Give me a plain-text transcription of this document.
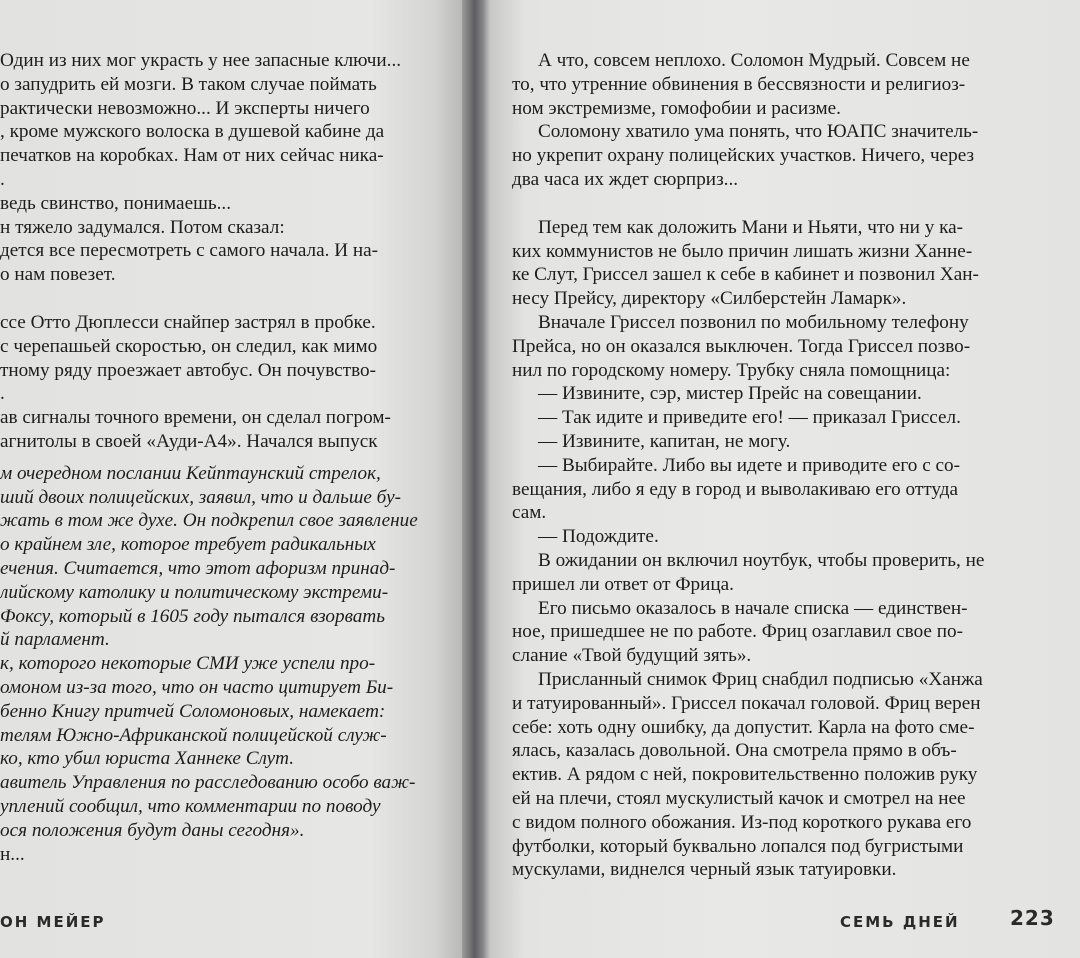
Один из них мог украсть у нее запасные ключи...
о запудрить ей мозги. В таком случае поймать
рактически невозможно... И эксперты ничего
, кроме мужского волоска в душевой кабине да
печатков на коробках. Нам от них сейчас ника-
.
ведь свинство, понимаешь...
н тяжело задумался. Потом сказал:
дется все пересмотреть с самого начала. И на-
о нам повезет.
ссе Отто Дюплесси снайпер застрял в пробке.
с черепашьей скоростью, он следил, как мимо
тному ряду проезжает автобус. Он почувство-
.
ав сигналы точного времени, он сделал погром-
агнитолы в своей «Ауди-А4». Начался выпуск
м очередном послании Кейптаунский стрелок,
ший двоих полицейских, заявил, что и дальше бу-
жать в том же духе. Он подкрепил свое заявление
о крайнем зле, которое требует радикальных
ечения. Считается, что этот афоризм принад-
лийскому католику и политическому экстреми-
Фоксу, который в 1605 году пытался взорвать
й парламент.
к, которого некоторые СМИ уже успели про-
омоном из-за того, что он часто цитирует Би-
бенно Книгу притчей Соломоновых, намекает:
телям Южно-Африканской полицейской служ-
ко, кто убил юриста Ханнеке Слут.
авитель Управления по расследованию особо важ-
уплений сообщил, что комментарии по поводу
ося положения будут даны сегодня».
н...
ОН МЕЙЕР
А что, совсем неплохо. Соломон Мудрый. Совсем не
то, что утренние обвинения в бессвязности и религиоз-
ном экстремизме, гомофобии и расизме.
Соломону хватило ума понять, что ЮАПС значитель-
но укрепит охрану полицейских участков. Ничего, через
два часа их ждет сюрприз...
Перед тем как доложить Мани и Ньяти, что ни у ка-
ких коммунистов не было причин лишать жизни Ханне-
ке Слут, Гриссел зашел к себе в кабинет и позвонил Хан-
несу Прейсу, директору «Силберстейн Ламарк».
Вначале Гриссел позвонил по мобильному телефону
Прейса, но он оказался выключен. Тогда Гриссел позво-
нил по городскому номеру. Трубку сняла помощница:
— Извините, сэр, мистер Прейс на совещании.
— Так идите и приведите его! — приказал Гриссел.
— Извините, капитан, не могу.
— Выбирайте. Либо вы идете и приводите его с со-
вещания, либо я еду в город и выволакиваю его оттуда
сам.
— Подождите.
В ожидании он включил ноутбук, чтобы проверить, не
пришел ли ответ от Фрица.
Его письмо оказалось в начале списка — единствен-
ное, пришедшее не по работе. Фриц озаглавил свое по-
слание «Твой будущий зять».
Присланный снимок Фриц снабдил подписью «Ханжа
и татуированный». Гриссел покачал головой. Фриц верен
себе: хоть одну ошибку, да допустит. Карла на фото сме-
ялась, казалась довольной. Она смотрела прямо в объ-
ектив. А рядом с ней, покровительственно положив руку
ей на плечи, стоял мускулистый качок и смотрел на нее
с видом полного обожания. Из-под короткого рукава его
футболки, который буквально лопался под бугристыми
мускулами, виднелся черный язык татуировки.
СЕМЬ ДНЕЙ	223
